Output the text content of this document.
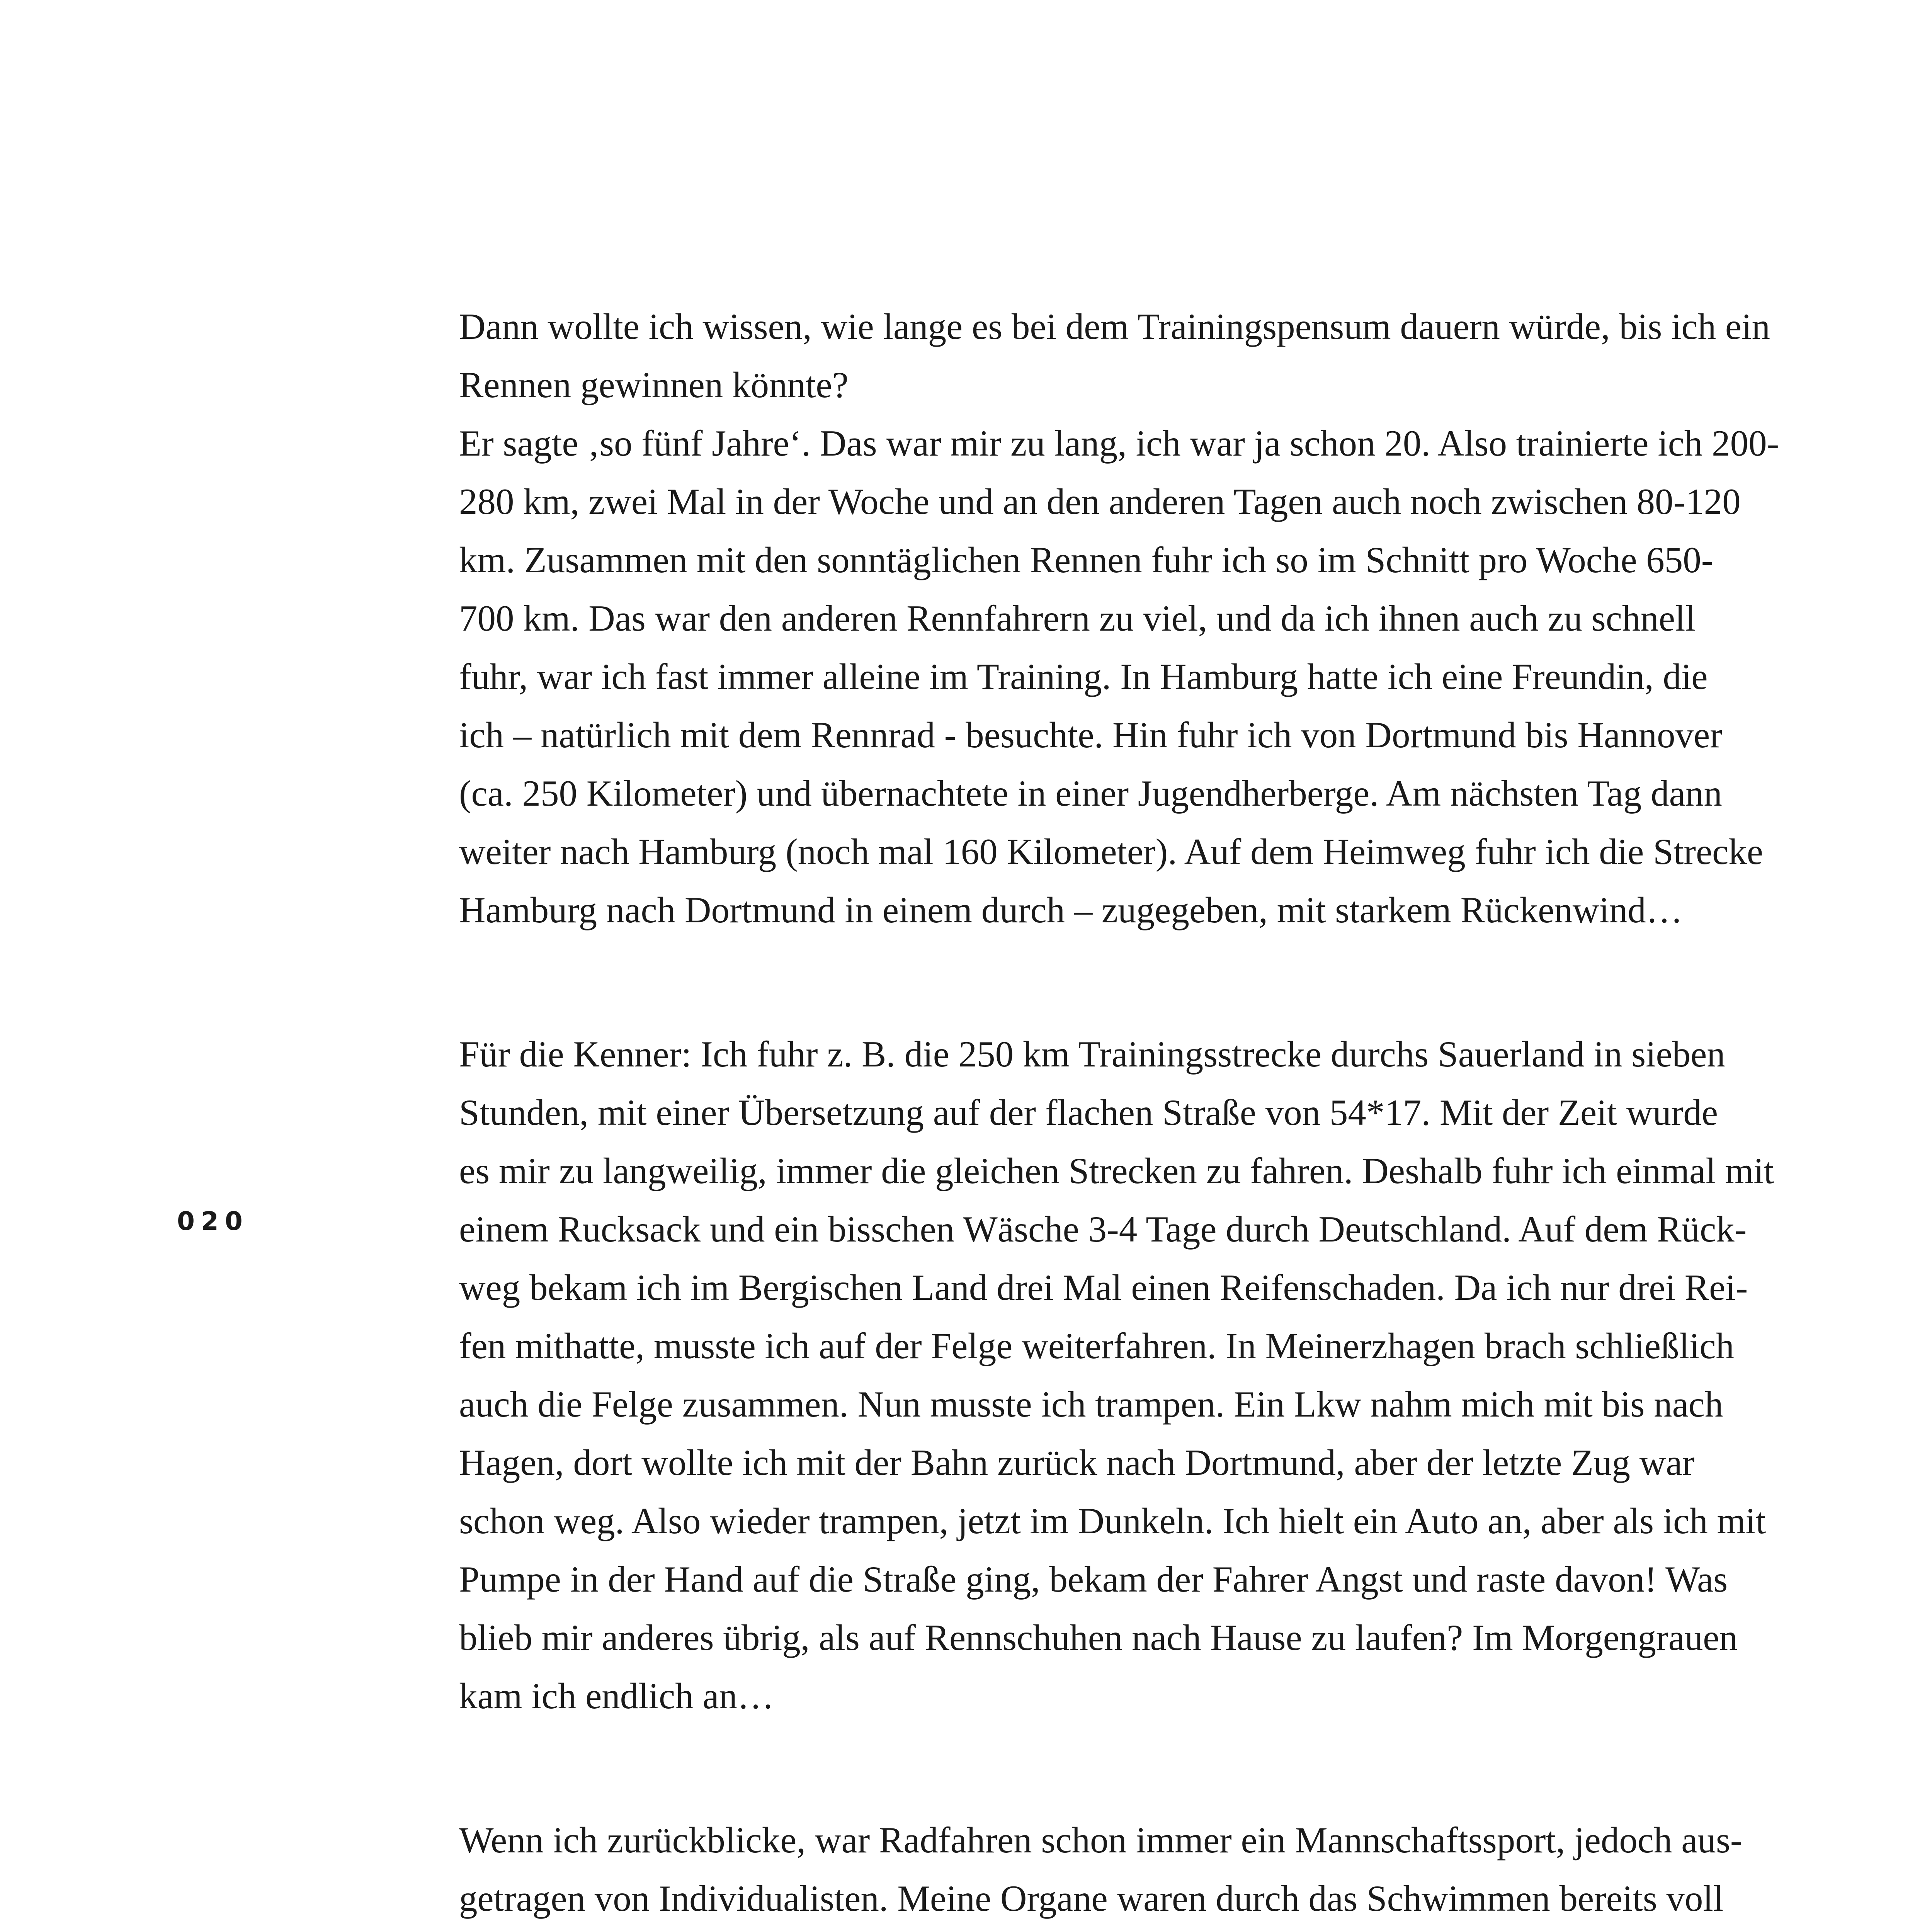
020

Dann wollte ich wissen, wie lange es bei dem Trainingspensum dauern würde, bis ich ein
Rennen gewinnen könnte?
Er sagte ‚so fünf Jahre‘. Das war mir zu lang, ich war ja schon 20. Also trainierte ich 200-
280 km, zwei Mal in der Woche und an den anderen Tagen auch noch zwischen 80-120
km. Zusammen mit den sonntäglichen Rennen fuhr ich so im Schnitt pro Woche 650-
700 km. Das war den anderen Rennfahrern zu viel, und da ich ihnen auch zu schnell
fuhr, war ich fast immer alleine im Training. In Hamburg hatte ich eine Freundin, die
ich – natürlich mit dem Rennrad - besuchte. Hin fuhr ich von Dortmund bis Hannover
(ca. 250 Kilometer) und übernachtete in einer Jugendherberge. Am nächsten Tag dann
weiter nach Hamburg (noch mal 160 Kilometer). Auf dem Heimweg fuhr ich die Strecke
Hamburg nach Dortmund in einem durch – zugegeben, mit starkem Rückenwind…

Für die Kenner: Ich fuhr z. B. die 250 km Trainingsstrecke durchs Sauerland in sieben
Stunden, mit einer Übersetzung auf der flachen Straße von 54*17. Mit der Zeit wurde
es mir zu langweilig, immer die gleichen Strecken zu fahren. Deshalb fuhr ich einmal mit
einem Rucksack und ein bisschen Wäsche 3-4 Tage durch Deutschland. Auf dem Rück-
weg bekam ich im Bergischen Land drei Mal einen Reifenschaden. Da ich nur drei Rei-
fen mithatte, musste ich auf der Felge weiterfahren. In Meinerzhagen brach schließlich
auch die Felge zusammen. Nun musste ich trampen. Ein Lkw nahm mich mit bis nach
Hagen, dort wollte ich mit der Bahn zurück nach Dortmund, aber der letzte Zug war
schon weg. Also wieder trampen, jetzt im Dunkeln. Ich hielt ein Auto an, aber als ich mit
Pumpe in der Hand auf die Straße ging, bekam der Fahrer Angst und raste davon! Was
blieb mir anderes übrig, als auf Rennschuhen nach Hause zu laufen? Im Morgengrauen
kam ich endlich an…

Wenn ich zurückblicke, war Radfahren schon immer ein Mannschaftssport, jedoch aus-
getragen von Individualisten. Meine Organe waren durch das Schwimmen bereits voll
